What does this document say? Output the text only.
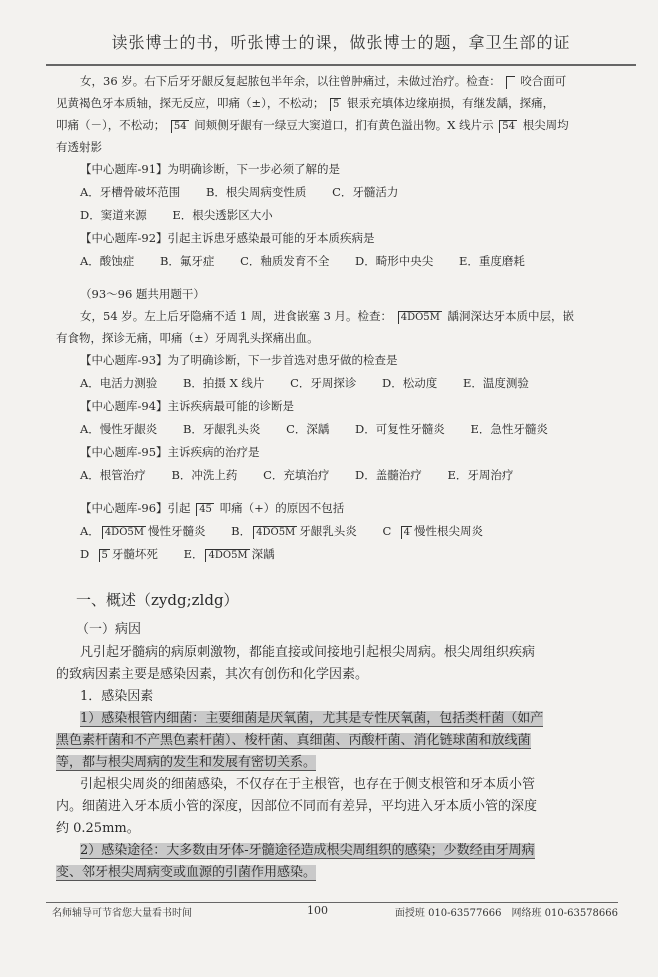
读张博士的书，听张博士的课，做张博士的题，拿卫生部的证

女，36 岁。右下后牙牙龈反复起脓包半年余，以往曾肿痛过，未做过治疗。检查： 咬合面可

见黄褐色牙本质轴，探无反应，叩痛（±），不松动； 5 银汞充填体边缘崩损，有继发龋，探痛，

叩痛（－），不松动； 54 间颊侧牙龈有一绿豆大窦道口，扪有黄色溢出物。X 线片示 54 根尖周均

有透射影

【中心题库-91】为明确诊断，下一步必须了解的是

A．牙槽骨破坏范围 B．根尖周病变性质 C．牙髓活力

D．窦道来源 E．根尖透影区大小

【中心题库-92】引起主诉患牙感染最可能的牙本质疾病是

A．酸蚀症 B．氟牙症 C．釉质发育不全 D．畸形中央尖 E．重度磨耗

（93～96 题共用题干）

女，54 岁。左上后牙隐痛不适 1 周，进食嵌塞 3 月。检查： 4DO5M 龋洞深达牙本质中层，嵌

有食物，探诊无痛，叩痛（±）牙周乳头探痛出血。

【中心题库-93】为了明确诊断，下一步首选对患牙做的检查是

A．电活力测验 B．拍摄 X 线片 C．牙周探诊 D．松动度 E．温度测验

【中心题库-94】主诉疾病最可能的诊断是

A．慢性牙龈炎 B．牙龈乳头炎 C．深龋 D．可复性牙髓炎 E．急性牙髓炎

【中心题库-95】主诉疾病的治疗是

A．根管治疗 B．冲洗上药 C．充填治疗 D．盖髓治疗 E．牙周治疗

【中心题库-96】引起 45 叩痛（+）的原因不包括

A． 4DO5M 慢性牙髓炎 B． 4DO5M 牙龈乳头炎 C 4 慢性根尖周炎

D 5 牙髓坏死 E． 4DO5M 深龋

一、概述（zydg;zldg）
（一）病因

凡引起牙髓病的病原刺激物，都能直接或间接地引起根尖周病。根尖周组织疾病

的致病因素主要是感染因素，其次有创伤和化学因素。

1．感染因素

1）感染根管内细菌：主要细菌是厌氧菌，尤其是专性厌氧菌，包括类杆菌（如产

黑色素杆菌和不产黑色素杆菌）、梭杆菌、真细菌、丙酸杆菌、消化链球菌和放线菌

等，都与根尖周病的发生和发展有密切关系。

引起根尖周炎的细菌感染，不仅存在于主根管，也存在于侧支根管和牙本质小管

内。细菌进入牙本质小管的深度，因部位不同而有差异，平均进入牙本质小管的深度

约 0.25mm。

2）感染途径：大多数由牙体-牙髓途径造成根尖周组织的感染；少数经由牙周病

变、邻牙根尖周病变或血源的引菌作用感染。

名师辅导可节省您大量看书时间	100	面授班 010-63577666　网络班 010-63578666
